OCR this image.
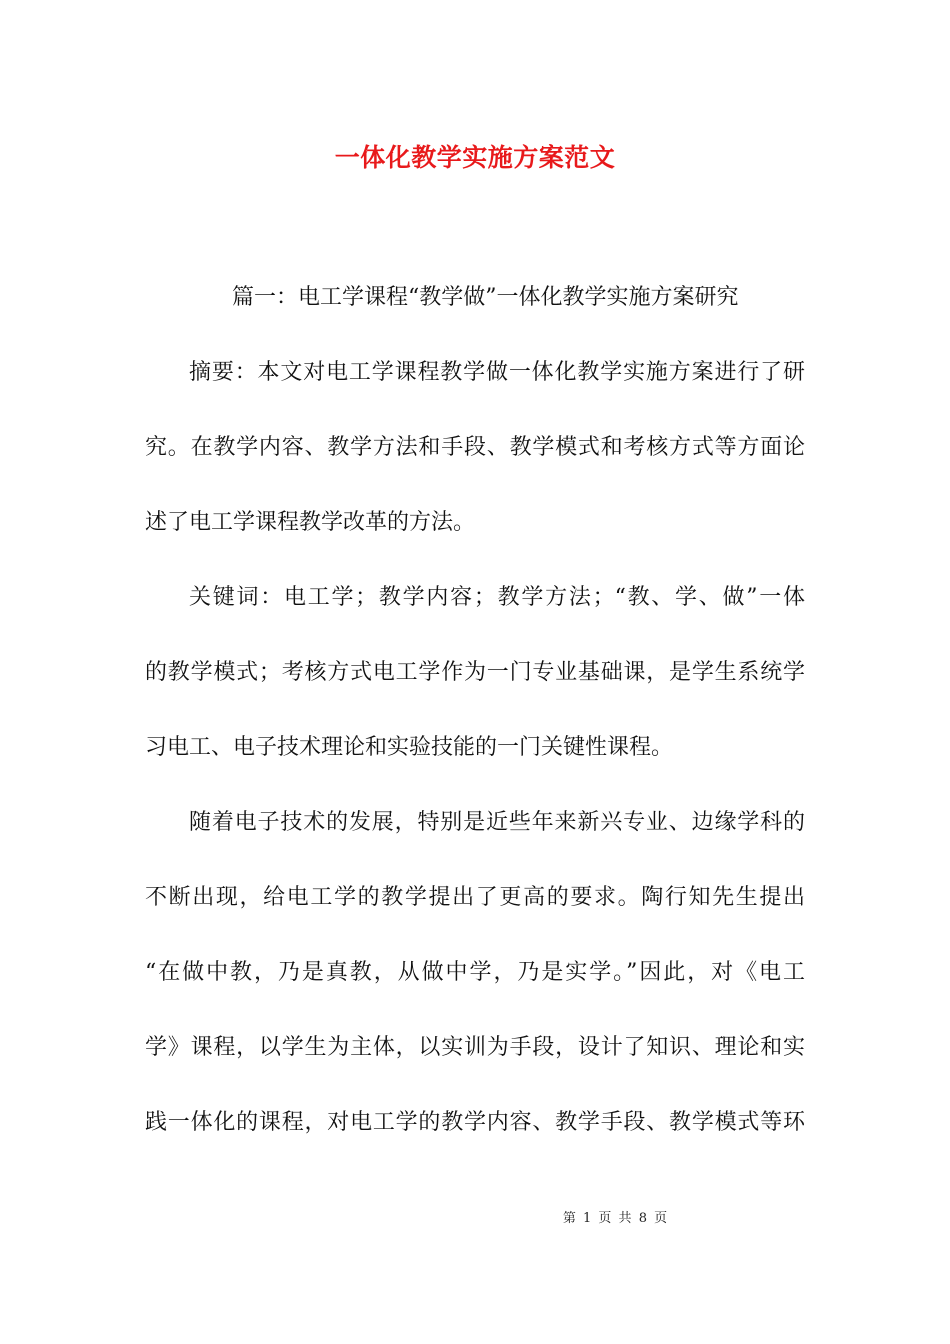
一体化教学实施方案范文
篇一：电工学课程“教学做”一体化教学实施方案研究
摘要：本文对电工学课程教学做一体化教学实施方案进行了研
究。在教学内容、教学方法和手段、教学模式和考核方式等方面论
述了电工学课程教学改革的方法。
关键词：电工学；教学内容；教学方法；“教、学、做”一体
的教学模式；考核方式电工学作为一门专业基础课，是学生系统学
习电工、电子技术理论和实验技能的一门关键性课程。
随着电子技术的发展，特别是近些年来新兴专业、边缘学科的
不断出现，给电工学的教学提出了更高的要求。陶行知先生提出
“在做中教，乃是真教，从做中学，乃是实学。”因此，对《电工
学》课程，以学生为主体，以实训为手段，设计了知识、理论和实
践一体化的课程，对电工学的教学内容、教学手段、教学模式等环
第 1 页 共 8 页
